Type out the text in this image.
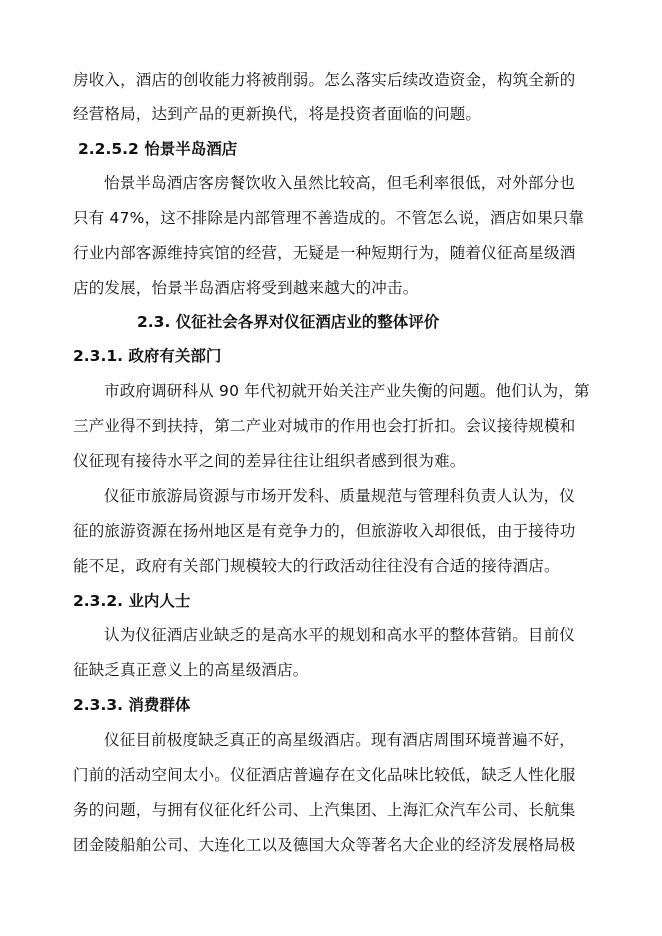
房收入，酒店的创收能力将被削弱。怎么落实后续改造资金，构筑全新的
经营格局，达到产品的更新换代，将是投资者面临的问题。
2.2.5.2 怡景半岛酒店
怡景半岛酒店客房餐饮收入虽然比较高，但毛利率很低，对外部分也
只有 47%，这不排除是内部管理不善造成的。不管怎么说，酒店如果只靠
行业内部客源维持宾馆的经营，无疑是一种短期行为，随着仪征高星级酒
店的发展，怡景半岛酒店将受到越来越大的冲击。
2.3. 仪征社会各界对仪征酒店业的整体评价
2.3.1. 政府有关部门
市政府调研科从 90 年代初就开始关注产业失衡的问题。他们认为，第
三产业得不到扶持，第二产业对城市的作用也会打折扣。会议接待规模和
仪征现有接待水平之间的差异往往让组织者感到很为难。
仪征市旅游局资源与市场开发科、质量规范与管理科负责人认为，仪
征的旅游资源在扬州地区是有竞争力的，但旅游收入却很低，由于接待功
能不足，政府有关部门规模较大的行政活动往往没有合适的接待酒店。
2.3.2. 业内人士
认为仪征酒店业缺乏的是高水平的规划和高水平的整体营销。目前仪
征缺乏真正意义上的高星级酒店。
2.3.3. 消费群体
仪征目前极度缺乏真正的高星级酒店。现有酒店周围环境普遍不好，
门前的活动空间太小。仪征酒店普遍存在文化品味比较低，缺乏人性化服
务的问题，与拥有仪征化纤公司、上汽集团、上海汇众汽车公司、长航集
团金陵船舶公司、大连化工以及德国大众等著名大企业的经济发展格局极
